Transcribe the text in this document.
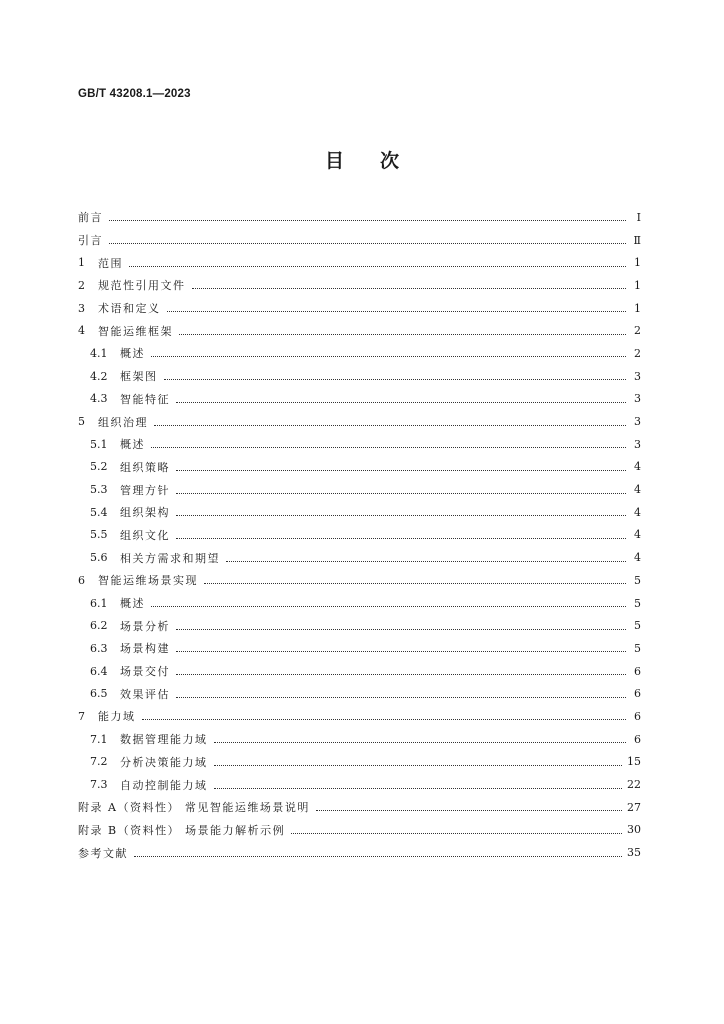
GB/T 43208.1—2023
目次
前言	Ⅰ
引言	Ⅱ
1	范围	1
2	规范性引用文件	1
3	术语和定义	1
4	智能运维框架	2
4.1	概述	2
4.2	框架图	3
4.3	智能特征	3
5	组织治理	3
5.1	概述	3
5.2	组织策略	4
5.3	管理方针	4
5.4	组织架构	4
5.5	组织文化	4
5.6	相关方需求和期望	4
6	智能运维场景实现	5
6.1	概述	5
6.2	场景分析	5
6.3	场景构建	5
6.4	场景交付	6
6.5	效果评估	6
7	能力域	6
7.1	数据管理能力域	6
7.2	分析决策能力域	15
7.3	自动控制能力域	22
附录 A（资料性） 常见智能运维场景说明	27
附录 B（资料性） 场景能力解析示例	30
参考文献	35
